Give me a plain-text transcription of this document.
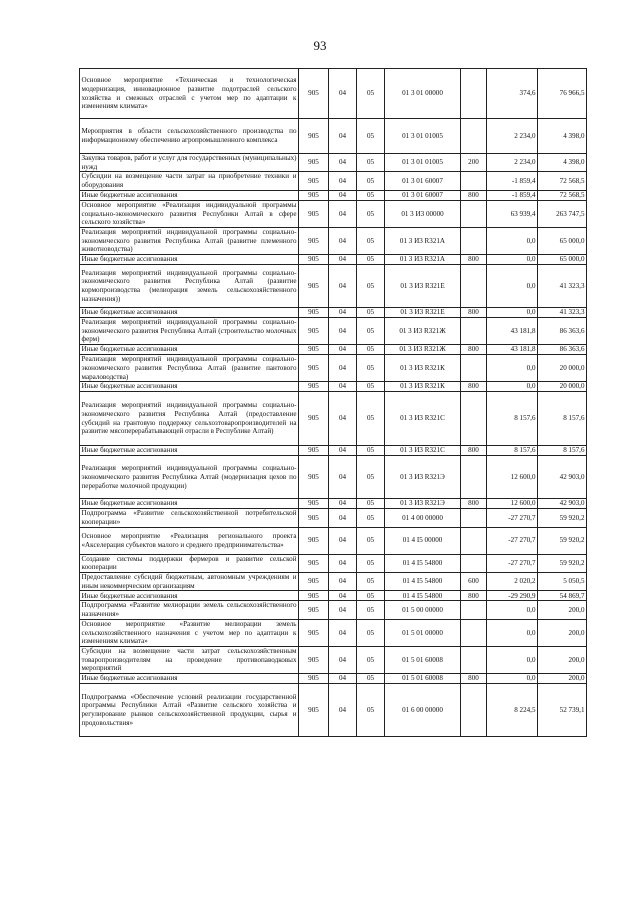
93
Основное мероприятие «Техническая и технологическая модернизация, инновационное развитие подотраслей сельского хозяйства и смежных отраслей с учетом мер по адаптации к изменениям климата»	905	04	05	01 3 01 00000		374,6	76 966,5
Мероприятия в области сельскохозяйственного производства по информационному обеспечению агропромышленного комплекса	905	04	05	01 3 01 01005		2 234,0	4 398,0
Закупка товаров, работ и услуг для государственных (муниципальных) нужд	905	04	05	01 3 01 01005	200	2 234,0	4 398,0
Субсидии на возмещение части затрат на приобретение техники и оборудования	905	04	05	01 3 01 60007		-1 859,4	72 568,5
Иные бюджетные ассигнования	905	04	05	01 3 01 60007	800	-1 859,4	72 568,5
Основное мероприятие «Реализация индивидуальной программы социально-экономического развития Республики Алтай в сфере сельского хозяйства»	905	04	05	01 3 И3 00000		63 939,4	263 747,5
Реализация мероприятий индивидуальной программы социально-экономического развития Республика Алтай (развитие племенного животноводства)	905	04	05	01 3 И3 R321А		0,0	65 000,0
Иные бюджетные ассигнования	905	04	05	01 3 И3 R321А	800	0,0	65 000,0
Реализация мероприятий индивидуальной программы социально-экономического развития Республика Алтай (развитие кормопроизводства (мелиорация земель сельскохозяйственного назначения))	905	04	05	01 3 И3 R321Е		0,0	41 323,3
Иные бюджетные ассигнования	905	04	05	01 3 И3 R321Е	800	0,0	41 323,3
Реализация мероприятий индивидуальной программы социально-экономического развития Республика Алтай (строительство молочных ферм)	905	04	05	01 3 И3 R321Ж		43 181,8	86 363,6
Иные бюджетные ассигнования	905	04	05	01 3 И3 R321Ж	800	43 181,8	86 363,6
Реализация мероприятий индивидуальной программы социально-экономического развития Республика Алтай (развитие пантового мараловодства)	905	04	05	01 3 И3 R321К		0,0	20 000,0
Иные бюджетные ассигнования	905	04	05	01 3 И3 R321К	800	0,0	20 000,0
Реализация мероприятий индивидуальной программы социально-экономического развития Республика Алтай (предоставление субсидий на грантовую поддержку сельхозтоваропроизводителей на развитие мясоперерабатывающей отрасли в Республике Алтай)	905	04	05	01 3 И3 R321С		8 157,6	8 157,6
Иные бюджетные ассигнования	905	04	05	01 3 И3 R321С	800	8 157,6	8 157,6
Реализация мероприятий индивидуальной программы социально-экономического развития Республика Алтай (модернизация цехов по переработке молочной продукции)	905	04	05	01 3 И3 R321Э		12 600,0	42 903,0
Иные бюджетные ассигнования	905	04	05	01 3 И3 R321Э	800	12 600,0	42 903,0
Подпрограмма «Развитие сельскохозяйственной потребительской кооперации»	905	04	05	01 4 00 00000		-27 270,7	59 920,2
Основное мероприятие «Реализация регионального проекта «Акселерация субъектов малого и среднего предпринимательства»	905	04	05	01 4 I5 00000		-27 270,7	59 920,2
Создание системы поддержки фермеров и развитие сельской кооперации	905	04	05	01 4 I5 54800		-27 270,7	59 920,2
Предоставление субсидий бюджетным, автономным учреждениям и иным некоммерческим организациям	905	04	05	01 4 I5 54800	600	2 020,2	5 050,5
Иные бюджетные ассигнования	905	04	05	01 4 I5 54800	800	-29 290,9	54 869,7
Подпрограмма «Развитие мелиорации земель сельскохозяйственного назначения»	905	04	05	01 5 00 00000		0,0	200,0
Основное мероприятие «Развитие мелиорации земель сельскохозяйственного назначения с учетом мер по адаптации к изменениям климата»	905	04	05	01 5 01 00000		0,0	200,0
Субсидии на возмещение части затрат сельскохозяйственным товаропроизводителям на проведение противопаводковых мероприятий	905	04	05	01 5 01 60008		0,0	200,0
Иные бюджетные ассигнования	905	04	05	01 5 01 60008	800	0,0	200,0
Подпрограмма «Обеспечение условий реализации государственной программы Республики Алтай «Развитие сельского хозяйства и регулирование рынков сельскохозяйственной продукции, сырья и продовольствия»	905	04	05	01 6 00 00000		8 224,5	52 739,1
